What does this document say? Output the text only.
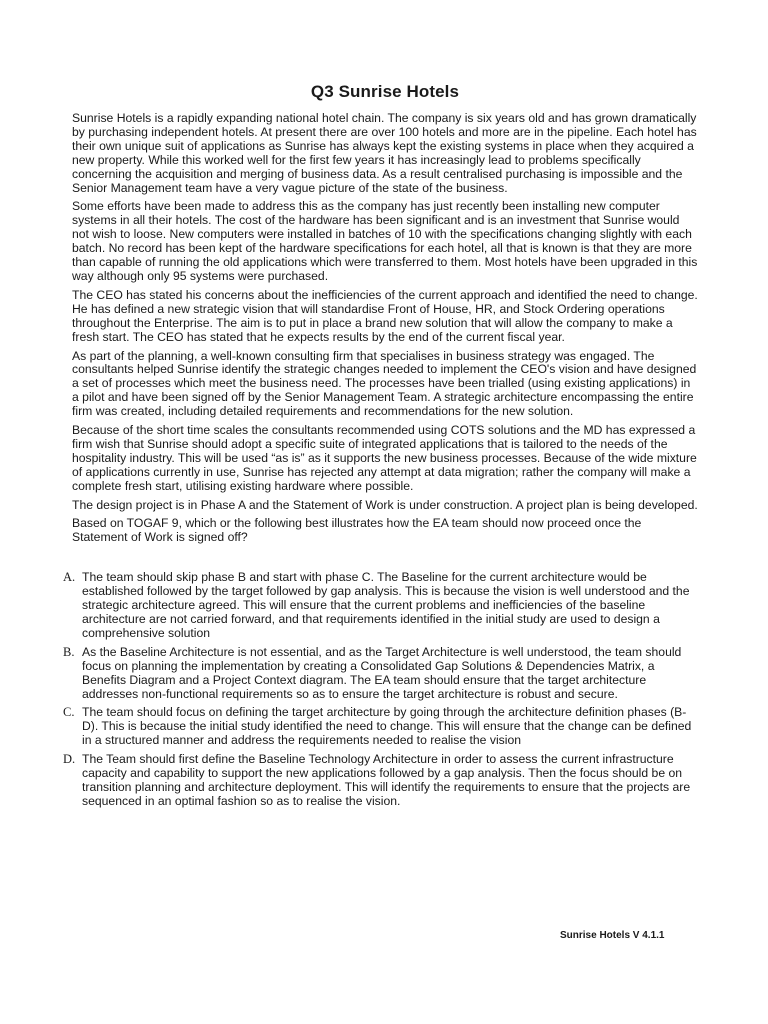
Q3 Sunrise Hotels

Sunrise Hotels is a rapidly expanding national hotel chain. The company is six years old and has grown dramatically by purchasing independent hotels. At present there are over 100 hotels and more are in the pipeline. Each hotel has their own unique suit of applications as Sunrise has always kept the existing systems in place when they acquired a new property. While this worked well for the first few years it has increasingly lead to problems specifically concerning the acquisition and merging of business data. As a result centralised purchasing is impossible and the Senior Management team have a very vague picture of the state of the business.

Some efforts have been made to address this as the company has just recently been installing new computer systems in all their hotels. The cost of the hardware has been significant and is an investment that Sunrise would not wish to loose. New computers were installed in batches of 10 with the specifications changing slightly with each batch. No record has been kept of the hardware specifications for each hotel, all that is known is that they are more than capable of running the old applications which were transferred to them. Most hotels have been upgraded in this way although only 95 systems were purchased.

The CEO has stated his concerns about the inefficiencies of the current approach and identified the need to change. He has defined a new strategic vision that will standardise Front of House, HR, and Stock Ordering operations throughout the Enterprise. The aim is to put in place a brand new solution that will allow the company to make a fresh start. The CEO has stated that he expects results by the end of the current fiscal year.

As part of the planning, a well-known consulting firm that specialises in business strategy was engaged. The consultants helped Sunrise identify the strategic changes needed to implement the CEO's vision and have designed a set of processes which meet the business need. The processes have been trialled (using existing applications) in a pilot and have been signed off by the Senior Management Team. A strategic architecture encompassing the entire firm was created, including detailed requirements and recommendations for the new solution.

Because of the short time scales the consultants recommended using COTS solutions and the MD has expressed a firm wish that Sunrise should adopt a specific suite of integrated applications that is tailored to the needs of the hospitality industry. This will be used “as is” as it supports the new business processes. Because of the wide mixture of applications currently in use, Sunrise has rejected any attempt at data migration; rather the company will make a complete fresh start, utilising existing hardware where possible.

The design project is in Phase A and the Statement of Work is under construction. A project plan is being developed.

Based on TOGAF 9, which or the following best illustrates how the EA team should now proceed once the Statement of Work is signed off?

A. The team should skip phase B and start with phase C. The Baseline for the current architecture would be established followed by the target followed by gap analysis. This is because the vision is well understood and the strategic architecture agreed. This will ensure that the current problems and inefficiencies of the baseline architecture are not carried forward, and that requirements identified in the initial study are used to design a comprehensive solution
B. As the Baseline Architecture is not essential, and as the Target Architecture is well understood, the team should focus on planning the implementation by creating a Consolidated Gap Solutions & Dependencies Matrix, a Benefits Diagram and a Project Context diagram. The EA team should ensure that the target architecture addresses non-functional requirements so as to ensure the target architecture is robust and secure.
C. The team should focus on defining the target architecture by going through the architecture definition phases (B-D). This is because the initial study identified the need to change. This will ensure that the change can be defined in a structured manner and address the requirements needed to realise the vision
D. The Team should first define the Baseline Technology Architecture in order to assess the current infrastructure capacity and capability to support the new applications followed by a gap analysis. Then the focus should be on transition planning and architecture deployment. This will identify the requirements to ensure that the projects are sequenced in an optimal fashion so as to realise the vision.
Sunrise Hotels V 4.1.1
